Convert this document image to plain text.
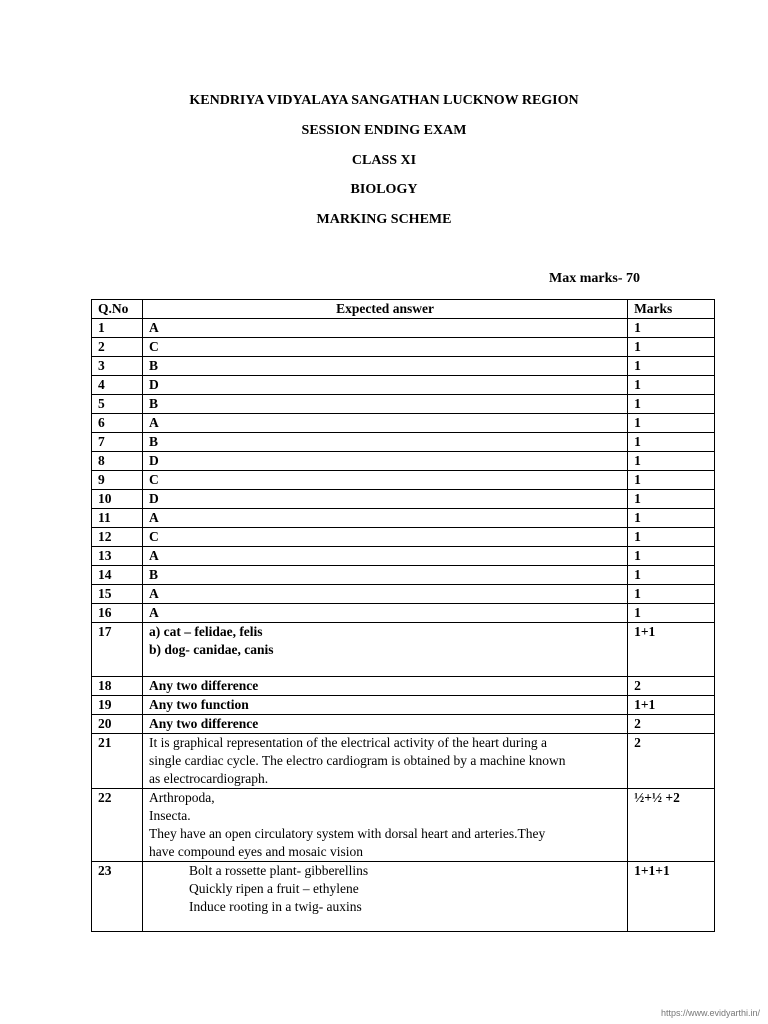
KENDRIYA VIDYALAYA SANGATHAN LUCKNOW REGION
SESSION ENDING EXAM
CLASS XI
BIOLOGY
MARKING SCHEME
Max marks- 70
Q.No	Expected answer	Marks
1	A	1
2	C	1
3	B	1
4	D	1
5	B	1
6	A	1
7	B	1
8	D	1
9	C	1
10	D	1
11	A	1
12	C	1
13	A	1
14	B	1
15	A	1
16	A	1
17	a) cat – felidae, felis
b) dog- canidae, canis	1+1
18	Any two difference	2
19	Any two function	1+1
20	Any two difference	2
21	It is graphical representation of the electrical activity of the heart during a
single cardiac cycle. The electro cardiogram is obtained by a machine known
as electrocardiograph.	2
22	Arthropoda,
Insecta.
They have an open circulatory system with dorsal heart and arteries.They
have compound eyes and mosaic vision	½+½ +2
23	Bolt a rossette plant- gibberellins
Quickly ripen a fruit – ethylene
Induce rooting in a twig- auxins	1+1+1
https://www.evidyarthi.in/
